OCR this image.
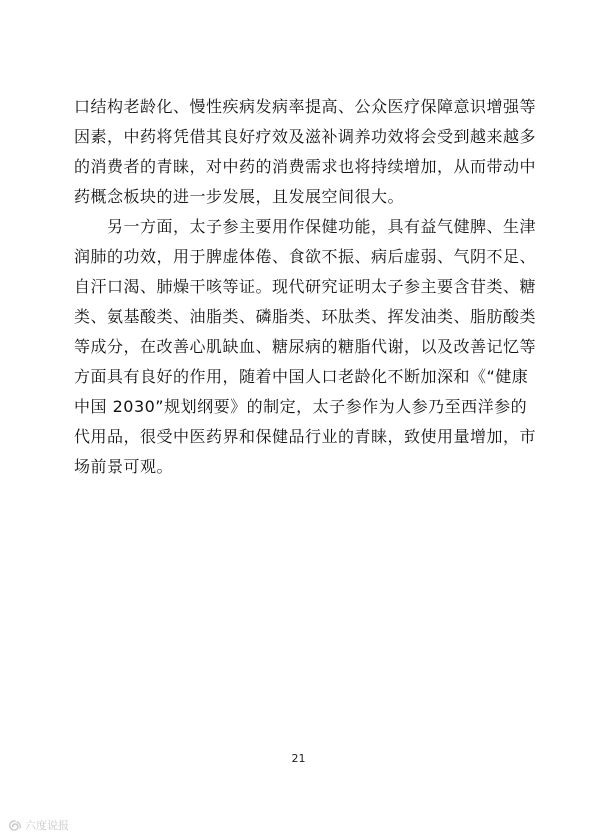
口结构老龄化、慢性疾病发病率提高、公众医疗保障意识增强等
因素，中药将凭借其良好疗效及滋补调养功效将会受到越来越多
的消费者的青睐，对中药的消费需求也将持续增加，从而带动中
药概念板块的进一步发展，且发展空间很大。
　　另一方面，太子参主要用作保健功能，具有益气健脾、生津
润肺的功效，用于脾虚体倦、食欲不振、病后虚弱、气阴不足、
自汗口渴、肺燥干咳等证。现代研究证明太子参主要含苷类、糖
类、氨基酸类、油脂类、磷脂类、环肽类、挥发油类、脂肪酸类
等成分，在改善心肌缺血、糖尿病的糖脂代谢，以及改善记忆等
方面具有良好的作用，随着中国人口老龄化不断加深和《“健康
中国 2030”规划纲要》的制定，太子参作为人参乃至西洋参的
代用品，很受中医药界和保健品行业的青睐，致使用量增加，市
场前景可观。
21
六度说报
